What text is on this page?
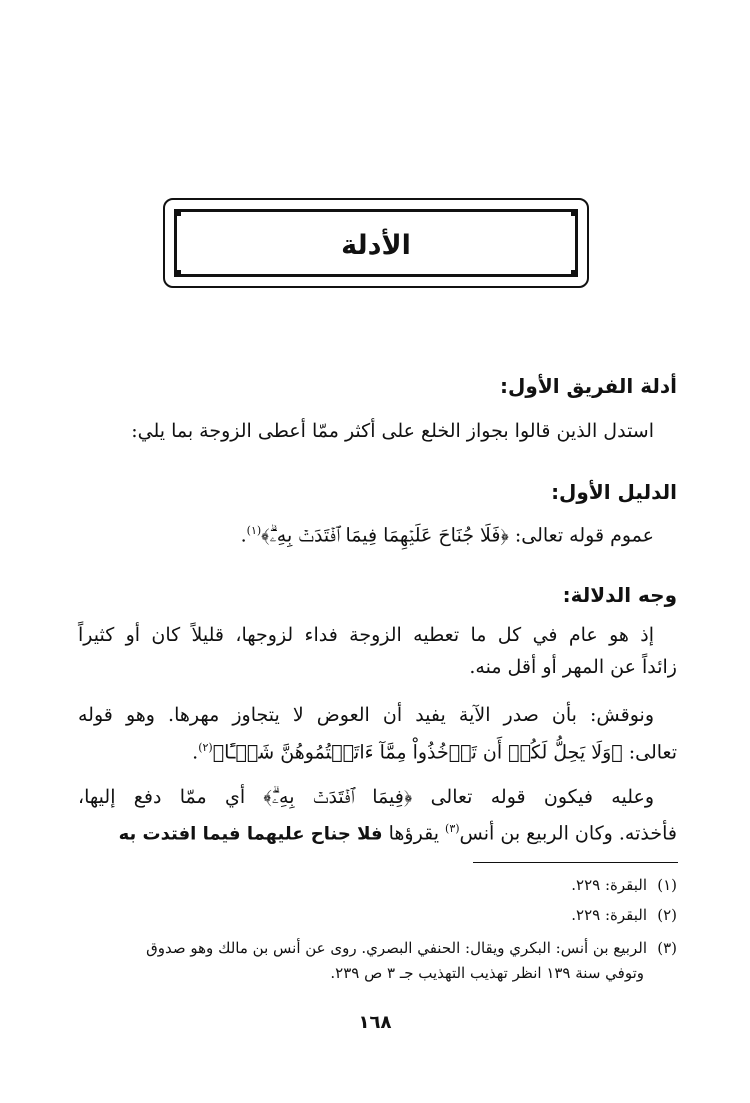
الأدلة
أدلة الفريق الأول:
استدل الذين قالوا بجواز الخلع على أكثر ممّا أعطى الزوجة بما يلي:
الدليل الأول:
عموم قوله تعالى: ﴿فَلَا جُنَاحَ عَلَيۡهِمَا فِيمَا ٱفۡتَدَتۡ بِهِۦۗ﴾$^{(١)}$.
وجه الدلالة:
إذ هو عام في كل ما تعطيه الزوجة فداء لزوجها، قليلاً كان أو كثيراً
زائداً عن المهر أو أقل منه.
ونوقش: بأن صدر الآية يفيد أن العوض لا يتجاوز مهرها. وهو قوله
تعالى: ﴿وَلَا يَحِلُّ لَكُمۡ أَن تَأۡخُذُواْ مِمَّآ ءَاتَيۡتُمُوهُنَّ شَيۡـًٔا﴾$^{(٢)}$.
وعليه فيكون قوله تعالى ﴿فِيمَا ٱفۡتَدَتۡ بِهِۦۗ﴾ أي ممّا دفع إليها،
فأخذته. وكان الربيع بن أنس$^{(٣)}$ يقرؤها فلا جناح عليهما فيما افتدت به
(١)البقرة: ٢٢٩.
(٢)البقرة: ٢٢٩.
(٣)الربيع بن أنس: البكري ويقال: الحنفي البصري. روى عن أنس بن مالك وهو صدوق
وتوفي سنة ١٣٩ انظر تهذيب التهذيب جـ ٣ ص ٢٣٩.
١٦٨
